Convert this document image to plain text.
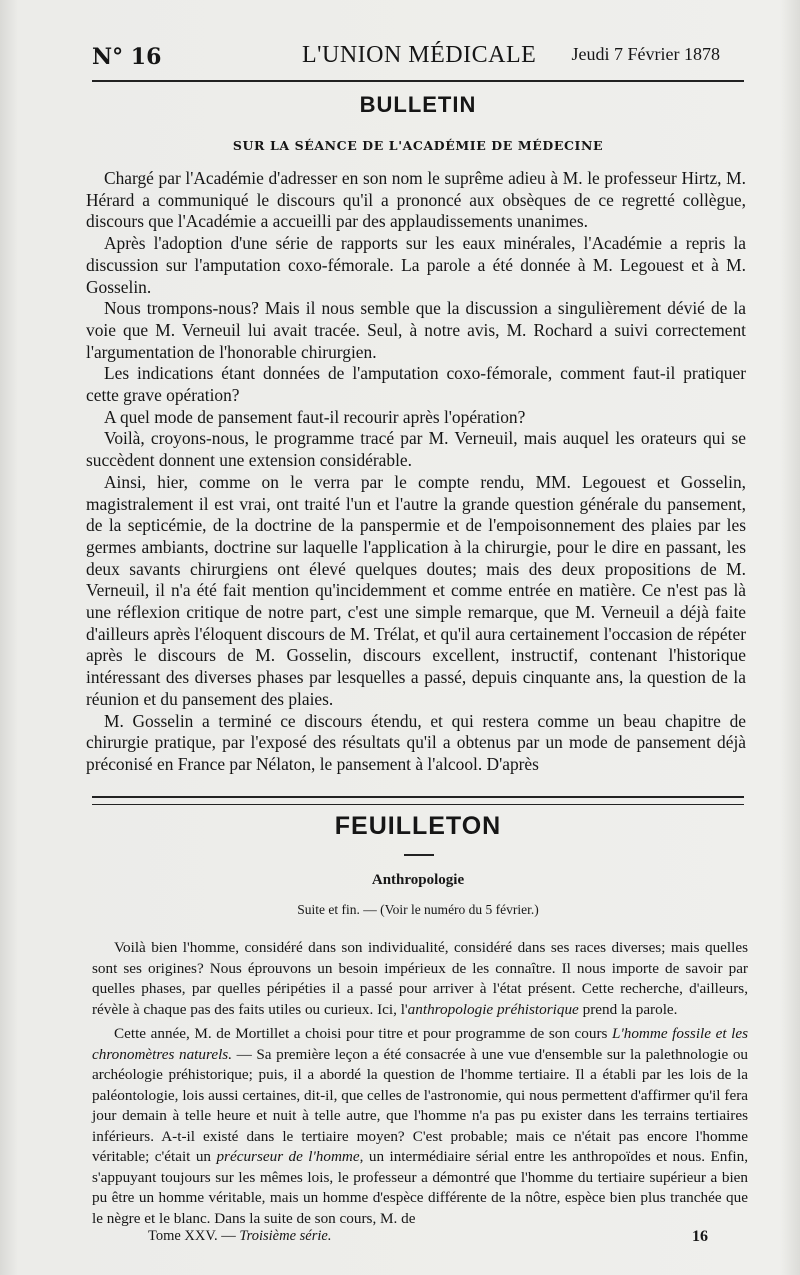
N° 16	L'UNION MÉDICALE Jeudi 7 Février 1878
BULLETIN
SUR LA SÉANCE DE L'ACADÉMIE DE MÉDECINE

Chargé par l'Académie d'adresser en son nom le suprême adieu à M. le professeur Hirtz, M. Hérard a communiqué le discours qu'il a prononcé aux obsèques de ce regretté collègue, discours que l'Académie a accueilli par des applaudissements unanimes.

Après l'adoption d'une série de rapports sur les eaux minérales, l'Académie a repris la discussion sur l'amputation coxo-fémorale. La parole a été donnée à M. Legouest et à M. Gosselin.

Nous trompons-nous? Mais il nous semble que la discussion a singulièrement dévié de la voie que M. Verneuil lui avait tracée. Seul, à notre avis, M. Rochard a suivi correctement l'argumentation de l'honorable chirurgien.

Les indications étant données de l'amputation coxo-fémorale, comment faut-il pratiquer cette grave opération?

A quel mode de pansement faut-il recourir après l'opération?

Voilà, croyons-nous, le programme tracé par M. Verneuil, mais auquel les orateurs qui se succèdent donnent une extension considérable.

Ainsi, hier, comme on le verra par le compte rendu, MM. Legouest et Gosselin, magistralement il est vrai, ont traité l'un et l'autre la grande question générale du pansement, de la septicémie, de la doctrine de la panspermie et de l'empoisonnement des plaies par les germes ambiants, doctrine sur laquelle l'application à la chirurgie, pour le dire en passant, les deux savants chirurgiens ont élevé quelques doutes; mais des deux propositions de M. Verneuil, il n'a été fait mention qu'incidemment et comme entrée en matière. Ce n'est pas là une réflexion critique de notre part, c'est une simple remarque, que M. Verneuil a déjà faite d'ailleurs après l'éloquent discours de M. Trélat, et qu'il aura certainement l'occasion de répéter après le discours de M. Gosselin, discours excellent, instructif, contenant l'historique intéressant des diverses phases par lesquelles a passé, depuis cinquante ans, la question de la réunion et du pansement des plaies.

M. Gosselin a terminé ce discours étendu, et qui restera comme un beau chapitre de chirurgie pratique, par l'exposé des résultats qu'il a obtenus par un mode de pansement déjà préconisé en France par Nélaton, le pansement à l'alcool. D'après

FEUILLETON
Anthropologie
Suite et fin. — (Voir le numéro du 5 février.)

Voilà bien l'homme, considéré dans son individualité, considéré dans ses races diverses; mais quelles sont ses origines? Nous éprouvons un besoin impérieux de les connaître. Il nous importe de savoir par quelles phases, par quelles péripéties il a passé pour arriver à l'état présent. Cette recherche, d'ailleurs, révèle à chaque pas des faits utiles ou curieux. Ici, l'anthropologie préhistorique prend la parole.

Cette année, M. de Mortillet a choisi pour titre et pour programme de son cours L'homme fossile et les chronomètres naturels. — Sa première leçon a été consacrée à une vue d'ensemble sur la palethnologie ou archéologie préhistorique; puis, il a abordé la question de l'homme tertiaire. Il a établi par les lois de la paléontologie, lois aussi certaines, dit-il, que celles de l'astronomie, qui nous permettent d'affirmer qu'il fera jour demain à telle heure et nuit à telle autre, que l'homme n'a pas pu exister dans les terrains tertiaires inférieurs. A-t-il existé dans le tertiaire moyen? C'est probable; mais ce n'était pas encore l'homme véritable; c'était un précurseur de l'homme, un intermédiaire sérial entre les anthropoïdes et nous. Enfin, s'appuyant toujours sur les mêmes lois, le professeur a démontré que l'homme du tertiaire supérieur a bien pu être un homme véritable, mais un homme d'espèce différente de la nôtre, espèce bien plus tranchée que le nègre et le blanc. Dans la suite de son cours, M. de

Tome XXV. — Troisième série.	16
